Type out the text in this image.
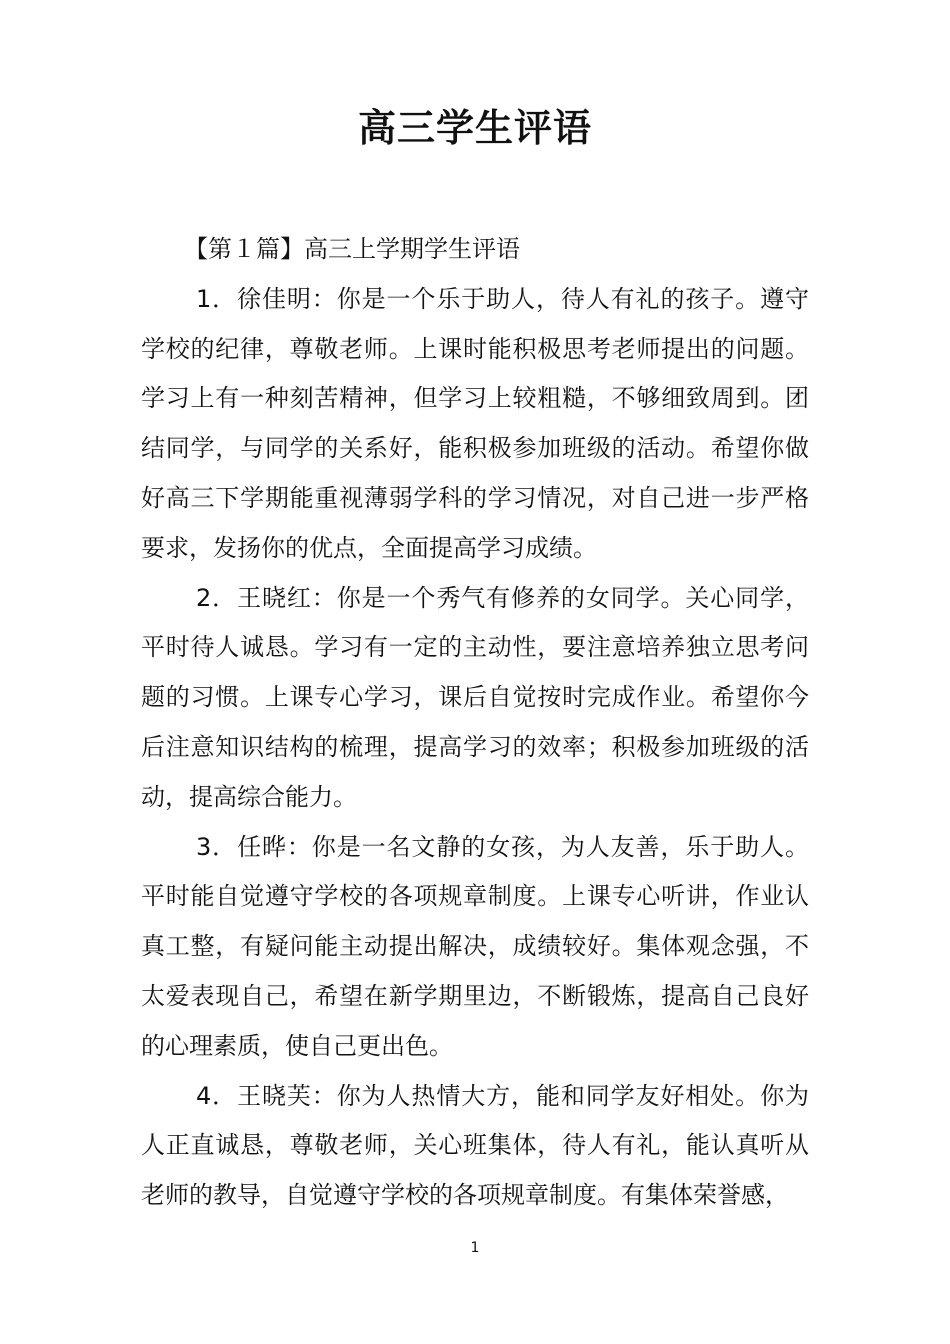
高三学生评语

【第１篇】高三上学期学生评语

1．徐佳明：你是一个乐于助人，待人有礼的孩子。遵守学校的纪律，尊敬老师。上课时能积极思考老师提出的问题。学习上有一种刻苦精神，但学习上较粗糙，不够细致周到。团结同学，与同学的关系好，能积极参加班级的活动。希望你做好高三下学期能重视薄弱学科的学习情况，对自己进一步严格要求，发扬你的优点，全面提高学习成绩。

2．王晓红：你是一个秀气有修养的女同学。关心同学，平时待人诚恳。学习有一定的主动性，要注意培养独立思考问题的习惯。上课专心学习，课后自觉按时完成作业。希望你今后注意知识结构的梳理，提高学习的效率；积极参加班级的活动，提高综合能力。

3．任晔：你是一名文静的女孩，为人友善，乐于助人。平时能自觉遵守学校的各项规章制度。上课专心听讲，作业认真工整，有疑问能主动提出解决，成绩较好。集体观念强，不太爱表现自己，希望在新学期里边，不断锻炼，提高自己良好的心理素质，使自己更出色。

4．王晓芙：你为人热情大方，能和同学友好相处。你为人正直诚恳，尊敬老师，关心班集体，待人有礼，能认真听从老师的教导，自觉遵守学校的各项规章制度。有集体荣誉感，

1
